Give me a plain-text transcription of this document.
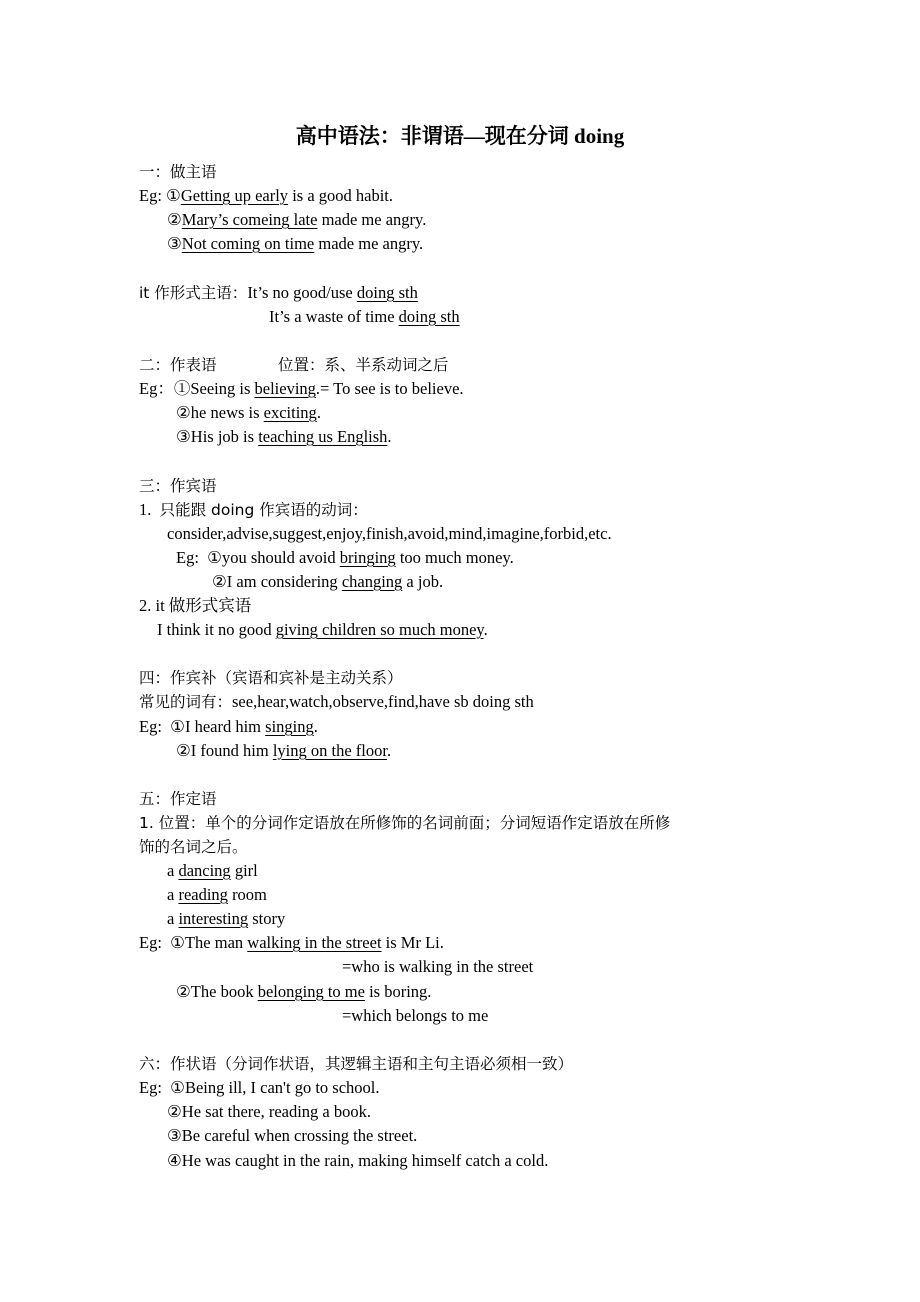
高中语法：非谓语—现在分词 doing
一：做主语
Eg: ①Getting up early is a good habit.
②Mary’s comeing late made me angry.
③Not coming on time made me angry.
it 作形式主语：It’s no good/use doing sth
It’s a waste of time doing sth
二：作表语	位置：系、半系动词之后
Eg：①Seeing is believing.= To see is to believe.
②he news is exciting.
③His job is teaching us English.
三：作宾语
1. 只能跟 doing 作宾语的动词：
consider,advise,suggest,enjoy,finish,avoid,mind,imagine,forbid,etc.
Eg: ①you should avoid bringing too much money.
②I am considering changing a job.
2. it 做形式宾语
I think it no good giving children so much money.
四：作宾补（宾语和宾补是主动关系）
常见的词有：see,hear,watch,observe,find,have sb doing sth
Eg: ①I heard him singing.
②I found him lying on the floor.
五：作定语
1. 位置：单个的分词作定语放在所修饰的名词前面；分词短语作定语放在所修
饰的名词之后。
a dancing girl
a reading room
a interesting story
Eg: ①The man walking in the street is Mr Li.
=who is walking in the street
②The book belonging to me is boring.
=which belongs to me
六：作状语（分词作状语，其逻辑主语和主句主语必须相一致）
Eg: ①Being ill, I can't go to school.
②He sat there, reading a book.
③Be careful when crossing the street.
④He was caught in the rain, making himself catch a cold.
